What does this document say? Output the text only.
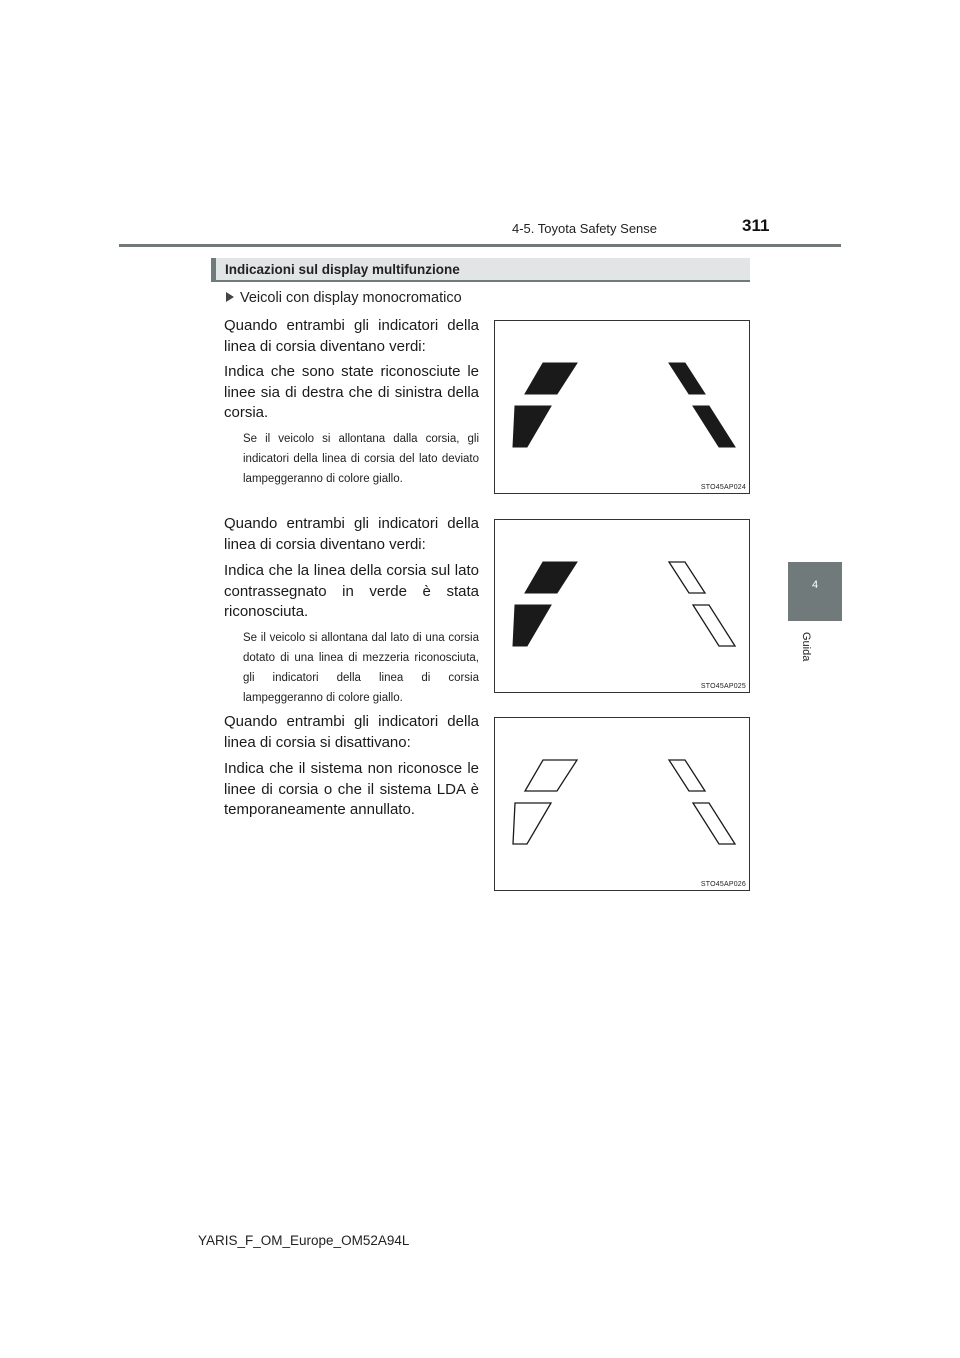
4-5. Toyota Safety Sense	311
4
Guida
Indicazioni sul display multifunzione
Veicoli con display monocromatico

Quando entrambi gli indicatori della linea di corsia diventano verdi:

Indica che sono state riconosciute le linee sia di destra che di sinistra della corsia.

Se il veicolo si allontana dalla corsia, gli indicatori della linea di corsia del lato deviato lampeggeranno di colore giallo.

Quando entrambi gli indicatori della linea di corsia diventano verdi:

Indica che la linea della corsia sul lato contrassegnato in verde è stata riconosciuta.

Se il veicolo si allontana dal lato di una corsia dotato di una linea di mezzeria riconosciuta, gli indicatori della linea di corsia lampeggeranno di colore giallo.

Quando entrambi gli indicatori della linea di corsia si disattivano:

Indica che il sistema non riconosce le linee di corsia o che il sistema LDA è temporaneamente annullato.

STO45AP024
STO45AP025
STO45AP026
YARIS_F_OM_Europe_OM52A94L
